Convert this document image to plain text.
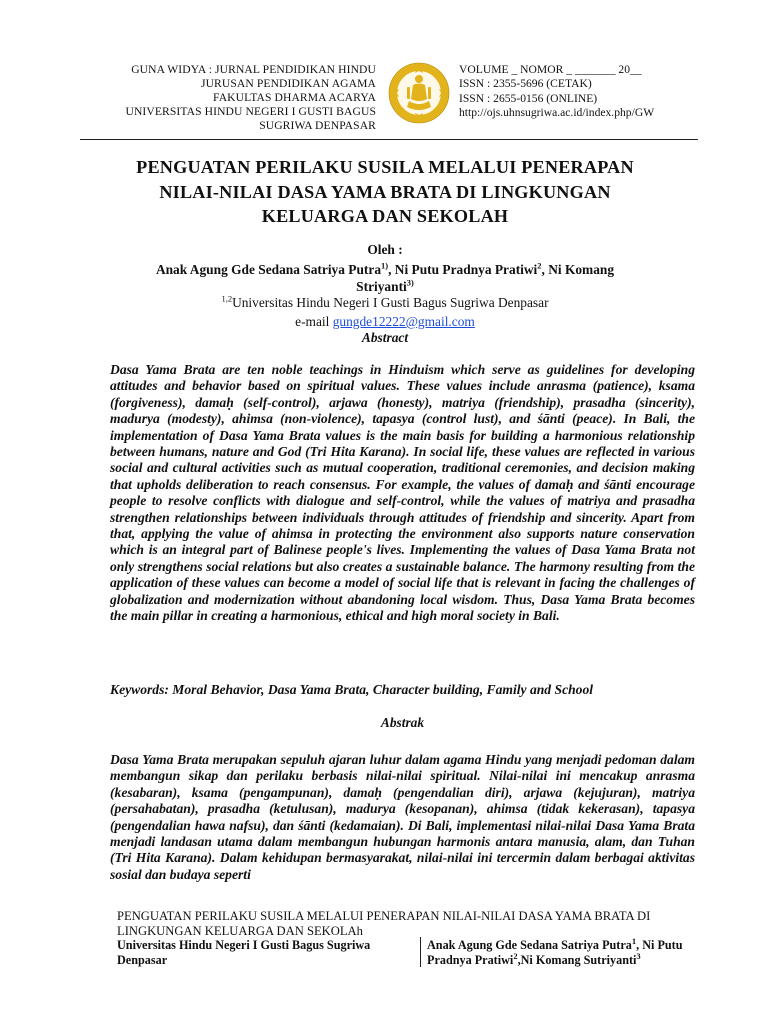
GUNA WIDYA : JURNAL PENDIDIKAN HINDU
JURUSAN PENDIDIKAN AGAMA
FAKULTAS DHARMA ACARYA
UNIVERSITAS HINDU NEGERI I GUSTI BAGUS
SUGRIWA DENPASAR
VOLUME _ NOMOR _ _______ 20__
ISSN : 2355-5696 (CETAK)
ISSN : 2655-0156 (ONLINE)
http://ojs.uhnsugriwa.ac.id/index.php/GW
PENGUATAN PERILAKU SUSILA MELALUI PENERAPAN
NILAI-NILAI DASA YAMA BRATA DI LINGKUNGAN
KELUARGA DAN SEKOLAH
Oleh :
Anak Agung Gde Sedana Satriya Putra$^{1)}$, Ni Putu Pradnya Pratiwi$^2$, Ni Komang
Striyanti$^{3)}$
$^{1,2}$Universitas Hindu Negeri I Gusti Bagus Sugriwa Denpasar
e-mail gungde12222@gmail.com
Abstract
Dasa Yama Brata are ten noble teachings in Hinduism which serve as guidelines for developing attitudes and behavior based on spiritual values. These values include anrasma (patience), ksama (forgiveness), damaḥ (self-control), arjawa (honesty), matriya (friendship), prasadha (sincerity), madurya (modesty), ahimsa (non-violence), tapasya (control lust), and śānti (peace). In Bali, the implementation of Dasa Yama Brata values is the main basis for building a harmonious relationship between humans, nature and God (Tri Hita Karana). In social life, these values are reflected in various social and cultural activities such as mutual cooperation, traditional ceremonies, and decision making that upholds deliberation to reach consensus. For example, the values of damaḥ and śānti encourage people to resolve conflicts with dialogue and self-control, while the values of matriya and prasadha strengthen relationships between individuals through attitudes of friendship and sincerity. Apart from that, applying the value of ahimsa in protecting the environment also supports nature conservation which is an integral part of Balinese people's lives. Implementing the values of Dasa Yama Brata not only strengthens social relations but also creates a sustainable balance. The harmony resulting from the application of these values can become a model of social life that is relevant in facing the challenges of globalization and modernization without abandoning local wisdom. Thus, Dasa Yama Brata becomes the main pillar in creating a harmonious, ethical and high moral society in Bali.
Keywords: Moral Behavior, Dasa Yama Brata, Character building, Family and School
Abstrak
Dasa Yama Brata merupakan sepuluh ajaran luhur dalam agama Hindu yang menjadi pedoman dalam membangun sikap dan perilaku berbasis nilai-nilai spiritual. Nilai-nilai ini mencakup anrasma (kesabaran), ksama (pengampunan), damaḥ (pengendalian diri), arjawa (kejujuran), matriya (persahabatan), prasadha (ketulusan), madurya (kesopanan), ahimsa (tidak kekerasan), tapasya (pengendalian hawa nafsu), dan śānti (kedamaian). Di Bali, implementasi nilai-nilai Dasa Yama Brata menjadi landasan utama dalam membangun hubungan harmonis antara manusia, alam, dan Tuhan (Tri Hita Karana). Dalam kehidupan bermasyarakat, nilai-nilai ini tercermin dalam berbagai aktivitas sosial dan budaya seperti
PENGUATAN PERILAKU SUSILA MELALUI PENERAPAN NILAI-NILAI DASA YAMA BRATA DI LINGKUNGAN KELUARGA DAN SEKOLAh
Universitas Hindu Negeri I Gusti Bagus Sugriwa Denpasar
Anak Agung Gde Sedana Satriya Putra$^1$, Ni Putu Pradnya Pratiwi$^2$,Ni Komang Sutriyanti$^3$
